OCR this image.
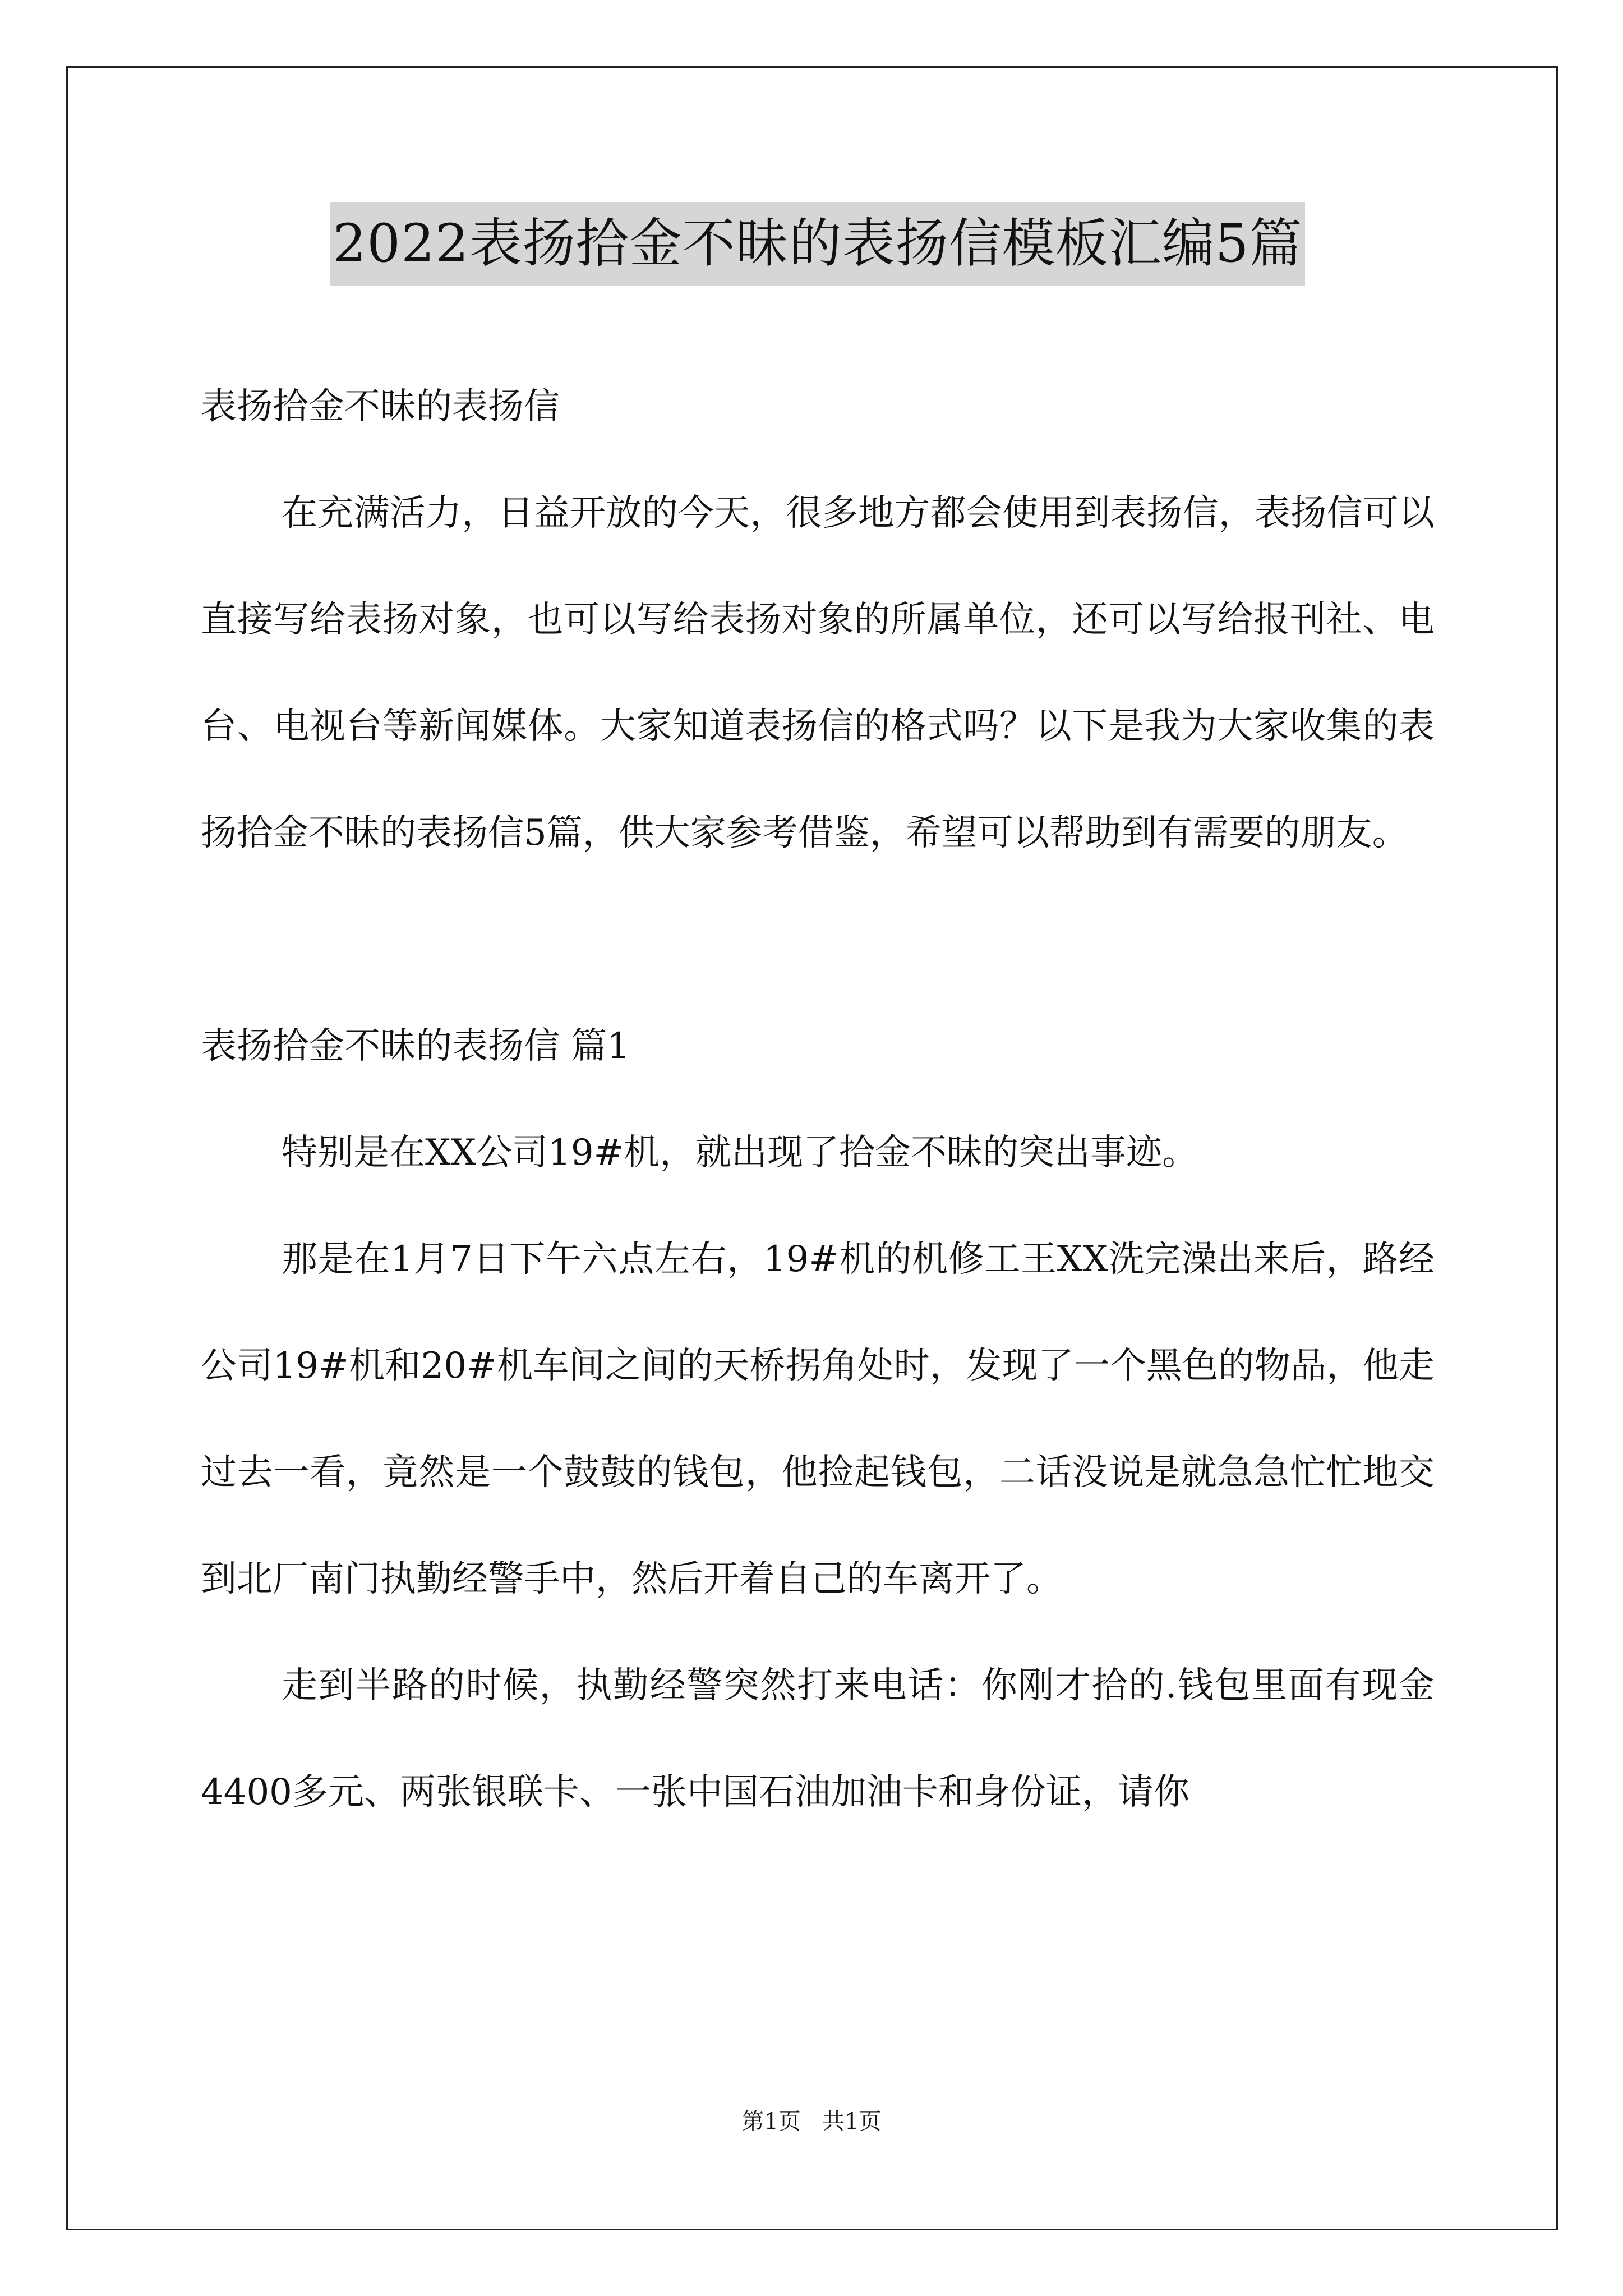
2022表扬拾金不昧的表扬信模板汇编5篇

表扬拾金不昧的表扬信

在充满活力，日益开放的今天，很多地方都会使用到表扬信，表扬信可以直接写给表扬对象，也可以写给表扬对象的所属单位，还可以写给报刊社、电台、电视台等新闻媒体。大家知道表扬信的格式吗？以下是我为大家收集的表扬拾金不昧的表扬信5篇，供大家参考借鉴，希望可以帮助到有需要的朋友。

表扬拾金不昧的表扬信 篇1

特别是在XX公司19#机，就出现了拾金不昧的突出事迹。

那是在1月7日下午六点左右，19#机的机修工王XX洗完澡出来后，路经公司19#机和20#机车间之间的天桥拐角处时，发现了一个黑色的物品，他走过去一看，竟然是一个鼓鼓的钱包，他捡起钱包，二话没说是就急急忙忙地交到北厂南门执勤经警手中，然后开着自己的车离开了。

走到半路的时候，执勤经警突然打来电话：你刚才拾的.钱包里面有现金4400多元、两张银联卡、一张中国石油加油卡和身份证，请你

第1页   共1页
